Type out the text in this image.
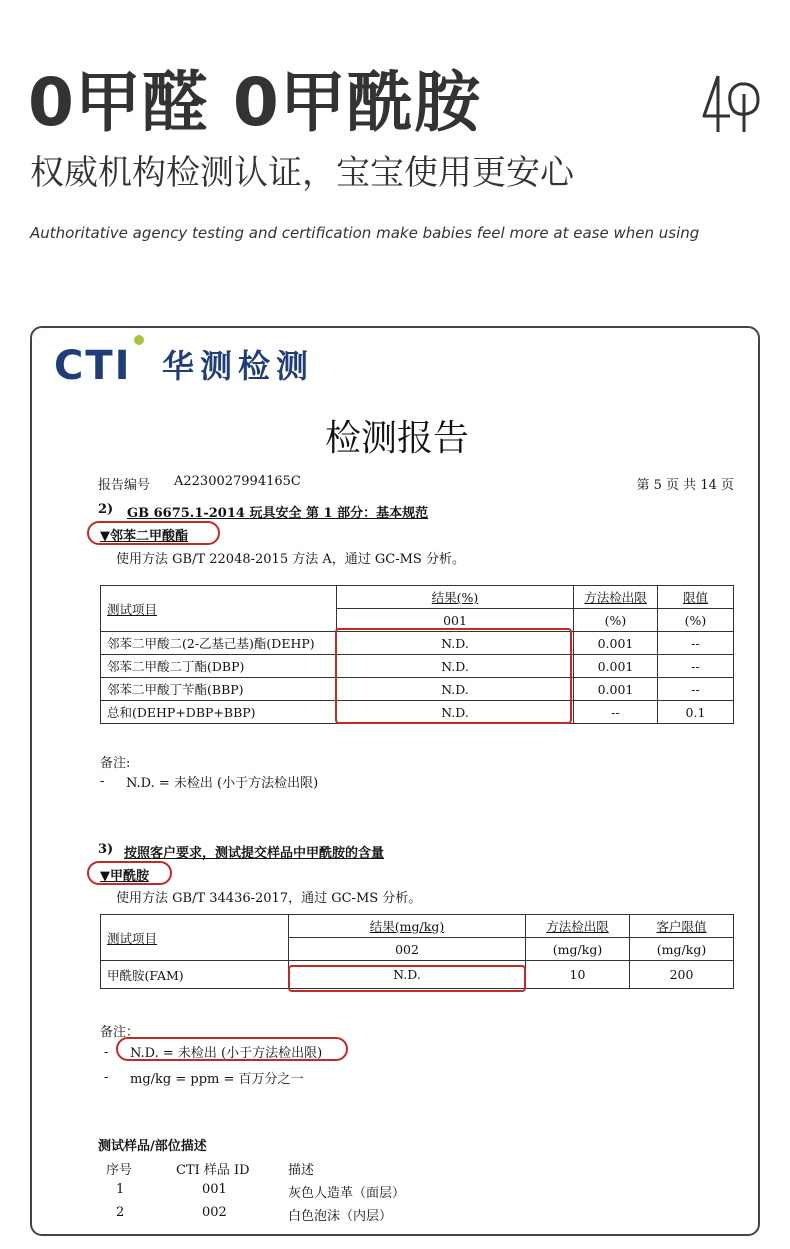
0甲醛 0甲酰胺
权威机构检测认证，宝宝使用更安心
Authoritative agency testing and certification make babies feel more at ease when using
CTI 华测检测
检测报告
报告编号 A2230027994165C	第 5 页 共 14 页
2) GB 6675.1-2014 玩具安全 第 1 部分：基本规范
▼邻苯二甲酸酯
使用方法 GB/T 22048-2015 方法 A，通过 GC-MS 分析。
测试项目	结果(%)	方法检出限	限值
	001	(%)	(%)
邻苯二甲酸二(2-乙基己基)酯(DEHP)	N.D.	0.001	--
邻苯二甲酸二丁酯(DBP)	N.D.	0.001	--
邻苯二甲酸丁苄酯(BBP)	N.D.	0.001	--
总和(DEHP+DBP+BBP)	N.D.	--	0.1
备注:
- N.D. = 未检出 (小于方法检出限)
3) 按照客户要求，测试提交样品中甲酰胺的含量
▼甲酰胺
使用方法 GB/T 34436-2017，通过 GC-MS 分析。
测试项目	结果(mg/kg)	方法检出限	客户限值
	002	(mg/kg)	(mg/kg)
甲酰胺(FAM)	N.D.	10	200
备注：
- N.D. = 未检出 (小于方法检出限)
- mg/kg = ppm = 百万分之一
测试样品/部位描述
序号	CTI 样品 ID	描述
1	001	灰色人造革（面层）
2	002	白色泡沫（内层）
